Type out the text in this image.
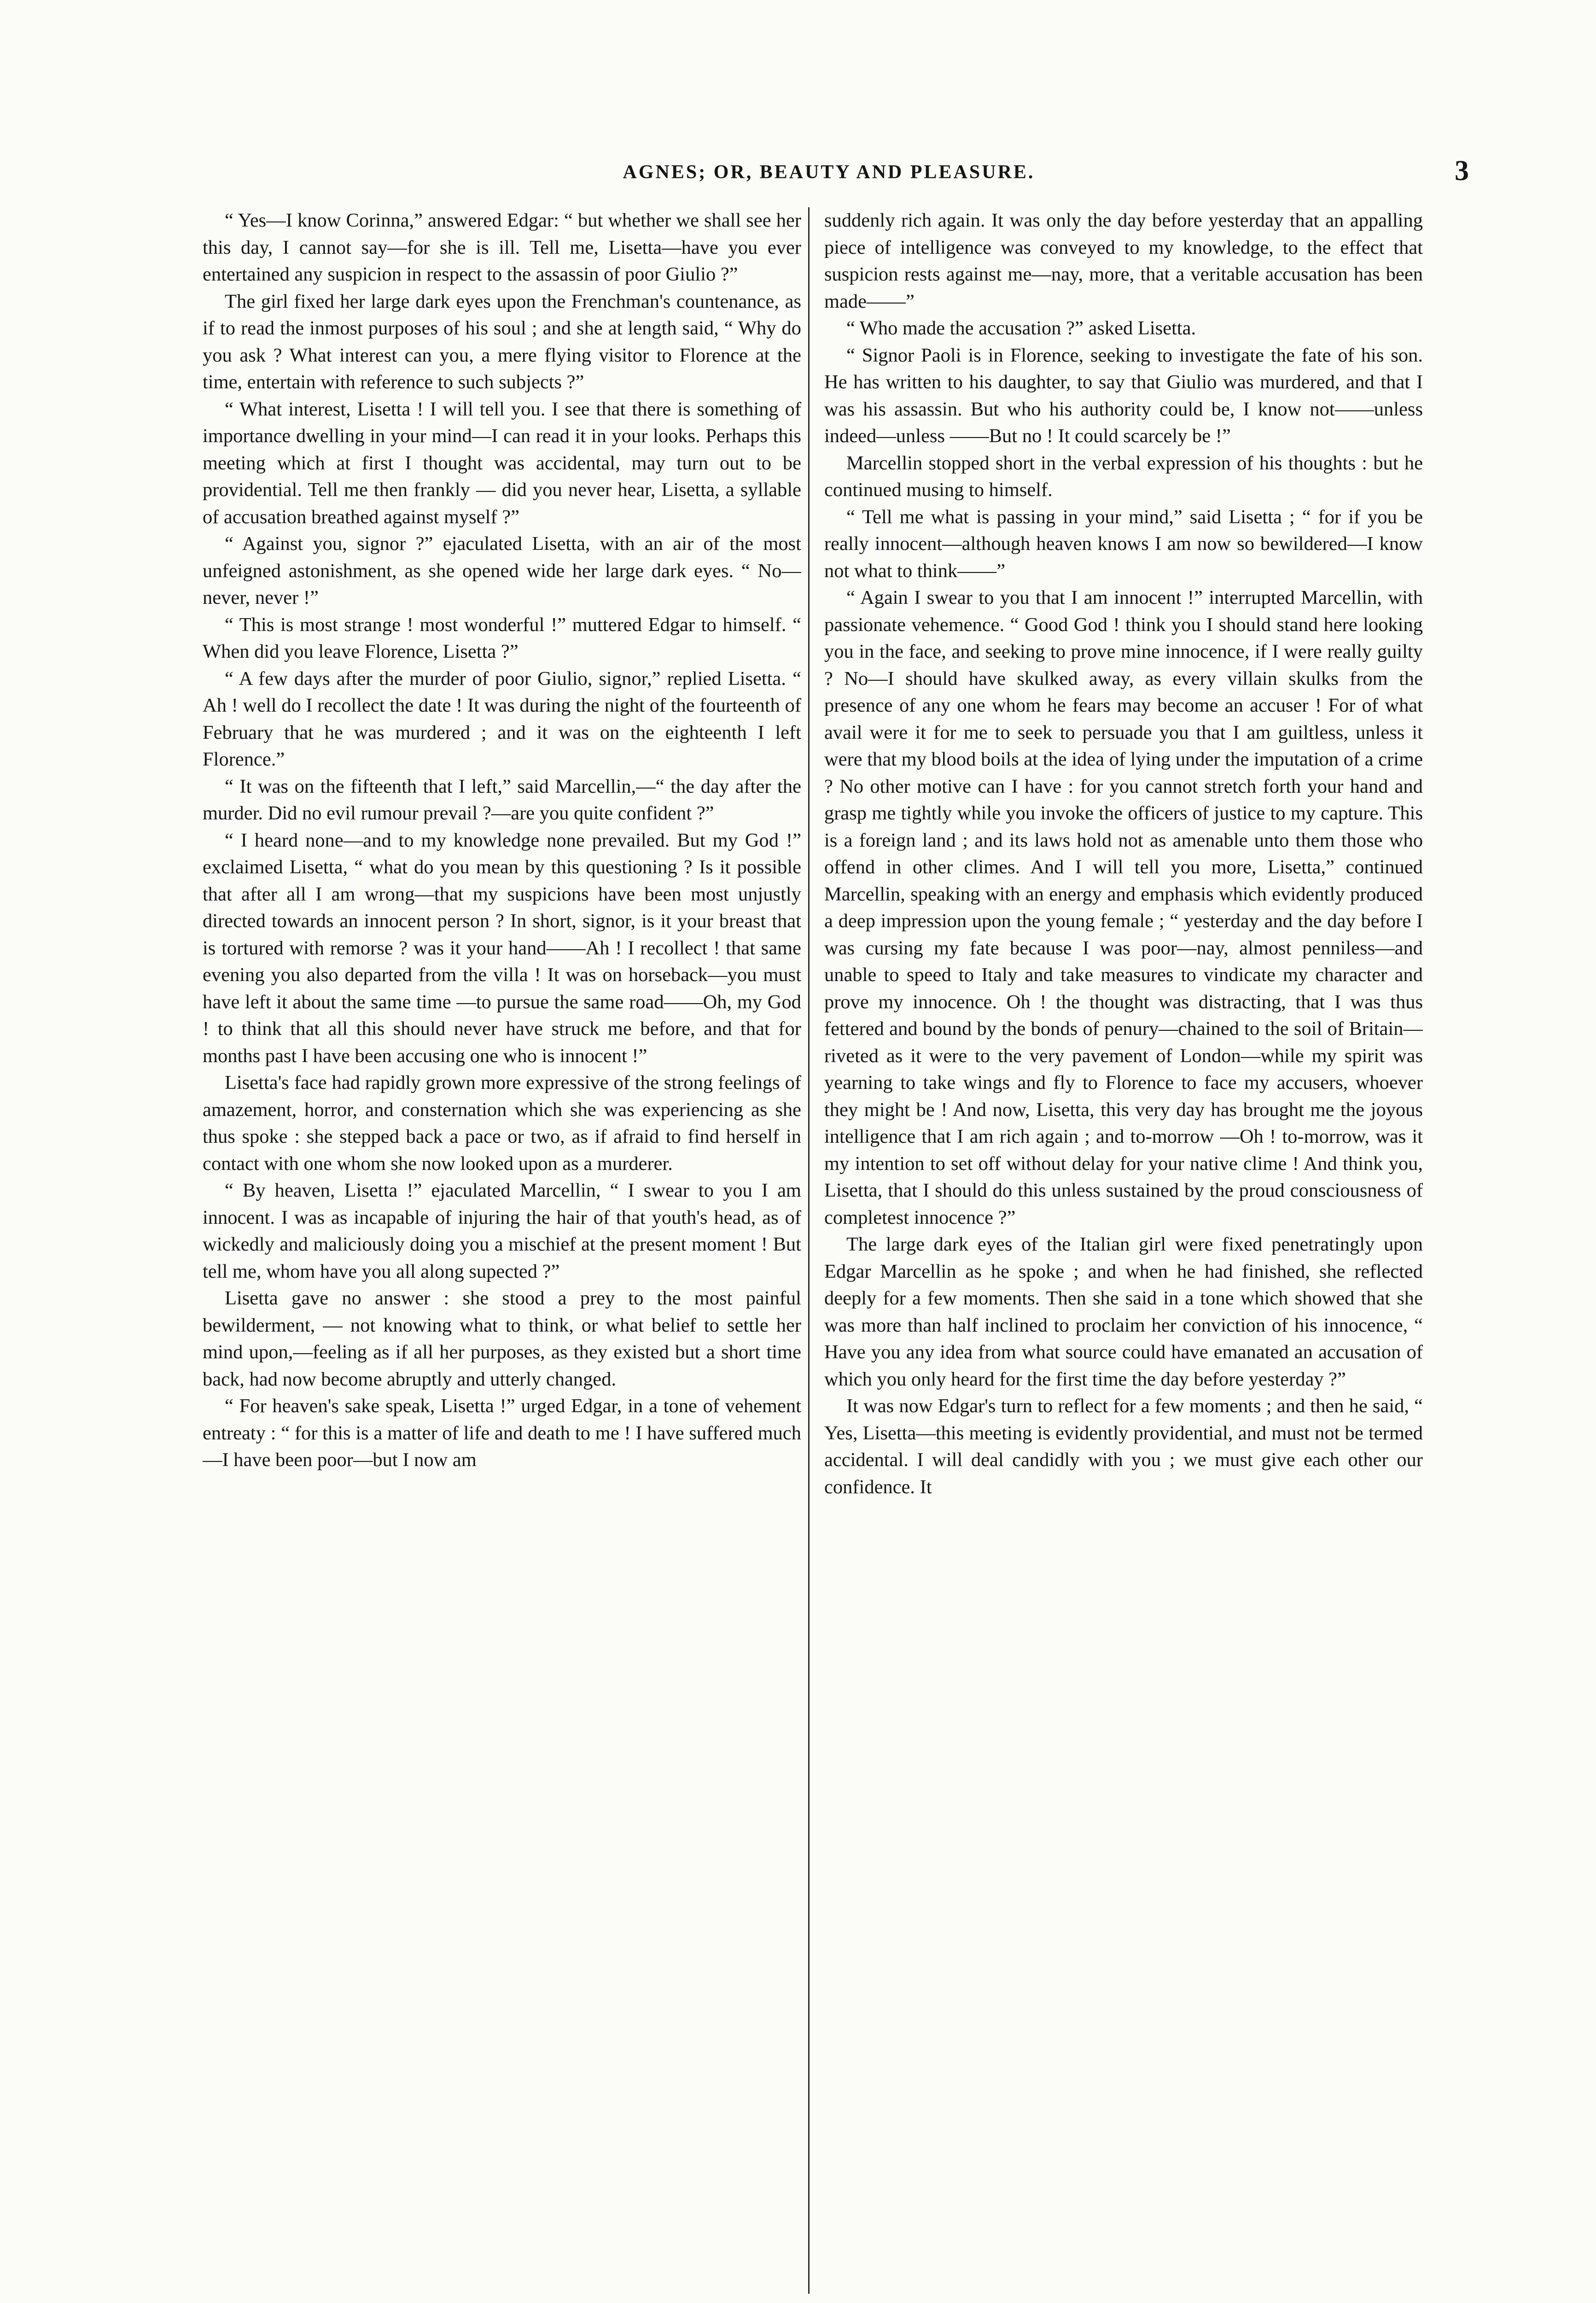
AGNES; OR, BEAUTY AND PLEASURE.	3

“ Yes—I know Corinna,” answered Edgar: “ but whether we shall see her this day, I cannot say—for she is ill. Tell me, Lisetta—have you ever entertained any suspicion in respect to the assassin of poor Giulio ?”

The girl fixed her large dark eyes upon the Frenchman's countenance, as if to read the inmost purposes of his soul ; and she at length said, “ Why do you ask ? What interest can you, a mere flying visitor to Florence at the time, entertain with reference to such subjects ?”

“ What interest, Lisetta ! I will tell you. I see that there is something of importance dwelling in your mind—I can read it in your looks. Perhaps this meeting which at first I thought was accidental, may turn out to be providential. Tell me then frankly — did you never hear, Lisetta, a syllable of accusation breathed against myself ?”

“ Against you, signor ?” ejaculated Lisetta, with an air of the most unfeigned astonishment, as she opened wide her large dark eyes. “ No—never, never !”

“ This is most strange ! most wonderful !” muttered Edgar to himself. “ When did you leave Florence, Lisetta ?”

“ A few days after the murder of poor Giulio, signor,” replied Lisetta. “ Ah ! well do I recollect the date ! It was during the night of the fourteenth of February that he was murdered ; and it was on the eighteenth I left Florence.”

“ It was on the fifteenth that I left,” said Marcellin,—“ the day after the murder. Did no evil rumour prevail ?—are you quite confident ?”

“ I heard none—and to my knowledge none prevailed. But my God !” exclaimed Lisetta, “ what do you mean by this questioning ? Is it possible that after all I am wrong—that my suspicions have been most unjustly directed towards an innocent person ? In short, signor, is it your breast that is tortured with remorse ? was it your hand——Ah ! I recollect ! that same evening you also departed from the villa ! It was on horseback—you must have left it about the same time —to pursue the same road——Oh, my God ! to think that all this should never have struck me before, and that for months past I have been accusing one who is innocent !”

Lisetta's face had rapidly grown more expressive of the strong feelings of amazement, horror, and consternation which she was experiencing as she thus spoke : she stepped back a pace or two, as if afraid to find herself in contact with one whom she now looked upon as a murderer.

“ By heaven, Lisetta !” ejaculated Marcellin, “ I swear to you I am innocent. I was as incapable of injuring the hair of that youth's head, as of wickedly and maliciously doing you a mischief at the present moment ! But tell me, whom have you all along supected ?”

Lisetta gave no answer : she stood a prey to the most painful bewilderment, — not knowing what to think, or what belief to settle her mind upon,—feeling as if all her purposes, as they existed but a short time back, had now become abruptly and utterly changed.

“ For heaven's sake speak, Lisetta !” urged Edgar, in a tone of vehement entreaty : “ for this is a matter of life and death to me ! I have suffered much—I have been poor—but I now am

suddenly rich again. It was only the day before yesterday that an appalling piece of intelligence was conveyed to my knowledge, to the effect that suspicion rests against me—nay, more, that a veritable accusation has been made——”

“ Who made the accusation ?” asked Lisetta.

“ Signor Paoli is in Florence, seeking to investigate the fate of his son. He has written to his daughter, to say that Giulio was murdered, and that I was his assassin. But who his authority could be, I know not——unless indeed—unless ——But no ! It could scarcely be !”

Marcellin stopped short in the verbal expression of his thoughts : but he continued musing to himself.

“ Tell me what is passing in your mind,” said Lisetta ; “ for if you be really innocent—although heaven knows I am now so bewildered—I know not what to think——”

“ Again I swear to you that I am innocent !” interrupted Marcellin, with passionate vehemence. “ Good God ! think you I should stand here looking you in the face, and seeking to prove mine innocence, if I were really guilty ? No—I should have skulked away, as every villain skulks from the presence of any one whom he fears may become an accuser ! For of what avail were it for me to seek to persuade you that I am guiltless, unless it were that my blood boils at the idea of lying under the imputation of a crime ? No other motive can I have : for you cannot stretch forth your hand and grasp me tightly while you invoke the officers of justice to my capture. This is a foreign land ; and its laws hold not as amenable unto them those who offend in other climes. And I will tell you more, Lisetta,” continued Marcellin, speaking with an energy and emphasis which evidently produced a deep impression upon the young female ; “ yesterday and the day before I was cursing my fate because I was poor—nay, almost penniless—and unable to speed to Italy and take measures to vindicate my character and prove my innocence. Oh ! the thought was distracting, that I was thus fettered and bound by the bonds of penury—chained to the soil of Britain—riveted as it were to the very pavement of London—while my spirit was yearning to take wings and fly to Florence to face my accusers, whoever they might be ! And now, Lisetta, this very day has brought me the joyous intelligence that I am rich again ; and to-morrow —Oh ! to-morrow, was it my intention to set off without delay for your native clime ! And think you, Lisetta, that I should do this unless sustained by the proud consciousness of completest innocence ?”

The large dark eyes of the Italian girl were fixed penetratingly upon Edgar Marcellin as he spoke ; and when he had finished, she reflected deeply for a few moments. Then she said in a tone which showed that she was more than half inclined to proclaim her conviction of his innocence, “ Have you any idea from what source could have emanated an accusation of which you only heard for the first time the day before yesterday ?”

It was now Edgar's turn to reflect for a few moments ; and then he said, “ Yes, Lisetta—this meeting is evidently providential, and must not be termed accidental. I will deal candidly with you ; we must give each other our confidence. It
